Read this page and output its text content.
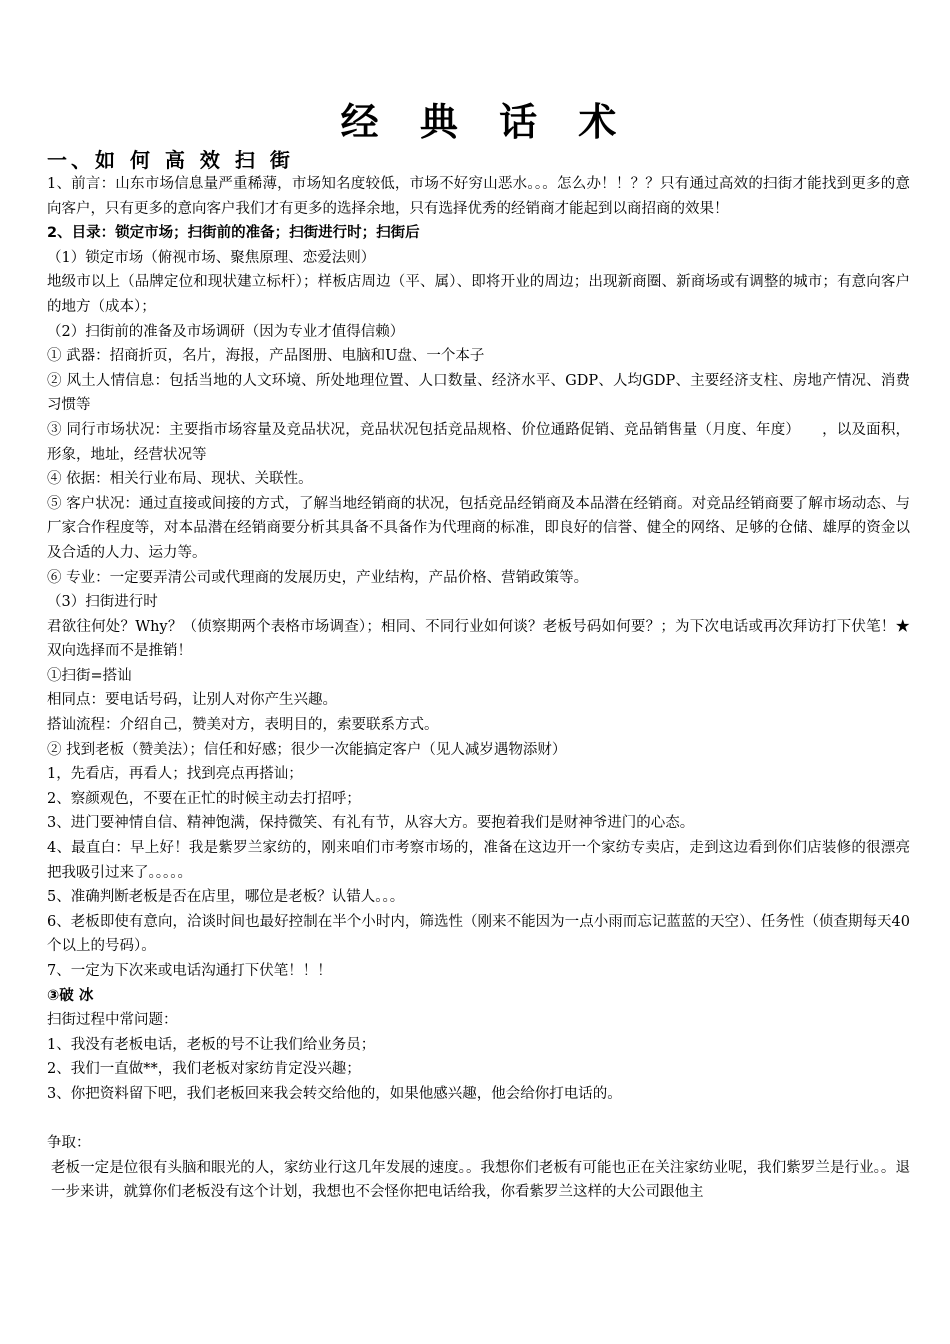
经 典 话 术
一、如 何 高 效 扫 街

1、前言：山东市场信息量严重稀薄，市场知名度较低，市场不好穷山恶水。。。怎么办！！？？只有通过高效的扫街才能找到更多的意向客户，只有更多的意向客户我们才有更多的选择余地，只有选择优秀的经销商才能起到以商招商的效果！

2、目录：锁定市场；扫街前的准备；扫街进行时；扫街后

（1）锁定市场（俯视市场、聚焦原理、恋爱法则）

地级市以上（品牌定位和现状建立标杆）；样板店周边（平、属）、即将开业的周边；出现新商圈、新商场或有调整的城市；有意向客户的地方（成本）；

（2）扫街前的准备及市场调研（因为专业才值得信赖）

① 武器：招商折页，名片，海报，产品图册、电脑和U盘、一个本子

② 风土人情信息：包括当地的人文环境、所处地理位置、人口数量、经济水平、GDP、人均GDP、主要经济支柱、房地产情况、消费习惯等

③ 同行市场状况：主要指市场容量及竞品状况，竞品状况包括竞品规格、价位通路促销、竞品销售量（月度、年度）　　，以及面积，形象，地址，经营状况等

④ 依据：相关行业布局、现状、关联性。

⑤ 客户状况：通过直接或间接的方式，了解当地经销商的状况，包括竞品经销商及本品潜在经销商。对竞品经销商要了解市场动态、与厂家合作程度等，对本品潜在经销商要分析其具备不具备作为代理商的标准，即良好的信誉、健全的网络、足够的仓储、雄厚的资金以及合适的人力、运力等。

⑥ 专业：一定要弄清公司或代理商的发展历史，产业结构，产品价格、营销政策等。

（3）扫街进行时

君欲往何处？Why？（侦察期两个表格市场调查）；相同、不同行业如何谈？老板号码如何要？；为下次电话或再次拜访打下伏笔！★　双向选择而不是推销！

①扫街=搭讪

相同点：要电话号码，让别人对你产生兴趣。

搭讪流程：介绍自己，赞美对方，表明目的，索要联系方式。

② 找到老板（赞美法）；信任和好感；很少一次能搞定客户（见人减岁遇物添财）

1，先看店，再看人；找到亮点再搭讪；

2、察颜观色，不要在正忙的时候主动去打招呼；

3、进门要神情自信、精神饱满，保持微笑、有礼有节，从容大方。要抱着我们是财神爷进门的心态。

4、最直白：早上好！我是紫罗兰家纺的，刚来咱们市考察市场的，准备在这边开一个家纺专卖店，走到这边看到你们店装修的很漂亮把我吸引过来了。。。。。

5、准确判断老板是否在店里，哪位是老板？认错人。。。

6、老板即使有意向，洽谈时间也最好控制在半个小时内，筛选性（刚来不能因为一点小雨而忘记蓝蓝的天空）、任务性（侦查期每天40个以上的号码）。

7、一定为下次来或电话沟通打下伏笔！！！

③破 冰

扫街过程中常问题：

1、我没有老板电话，老板的号不让我们给业务员；

2、我们一直做**，我们老板对家纺肯定没兴趣；

3、你把资料留下吧，我们老板回来我会转交给他的，如果他感兴趣，他会给你打电话的。

争取：

老板一定是位很有头脑和眼光的人，家纺业行这几年发展的速度。。我想你们老板有可能也正在关注家纺业呢，我们紫罗兰是行业。。退一步来讲，就算你们老板没有这个计划，我想也不会怪你把电话给我，你看紫罗兰这样的大公司跟他主
